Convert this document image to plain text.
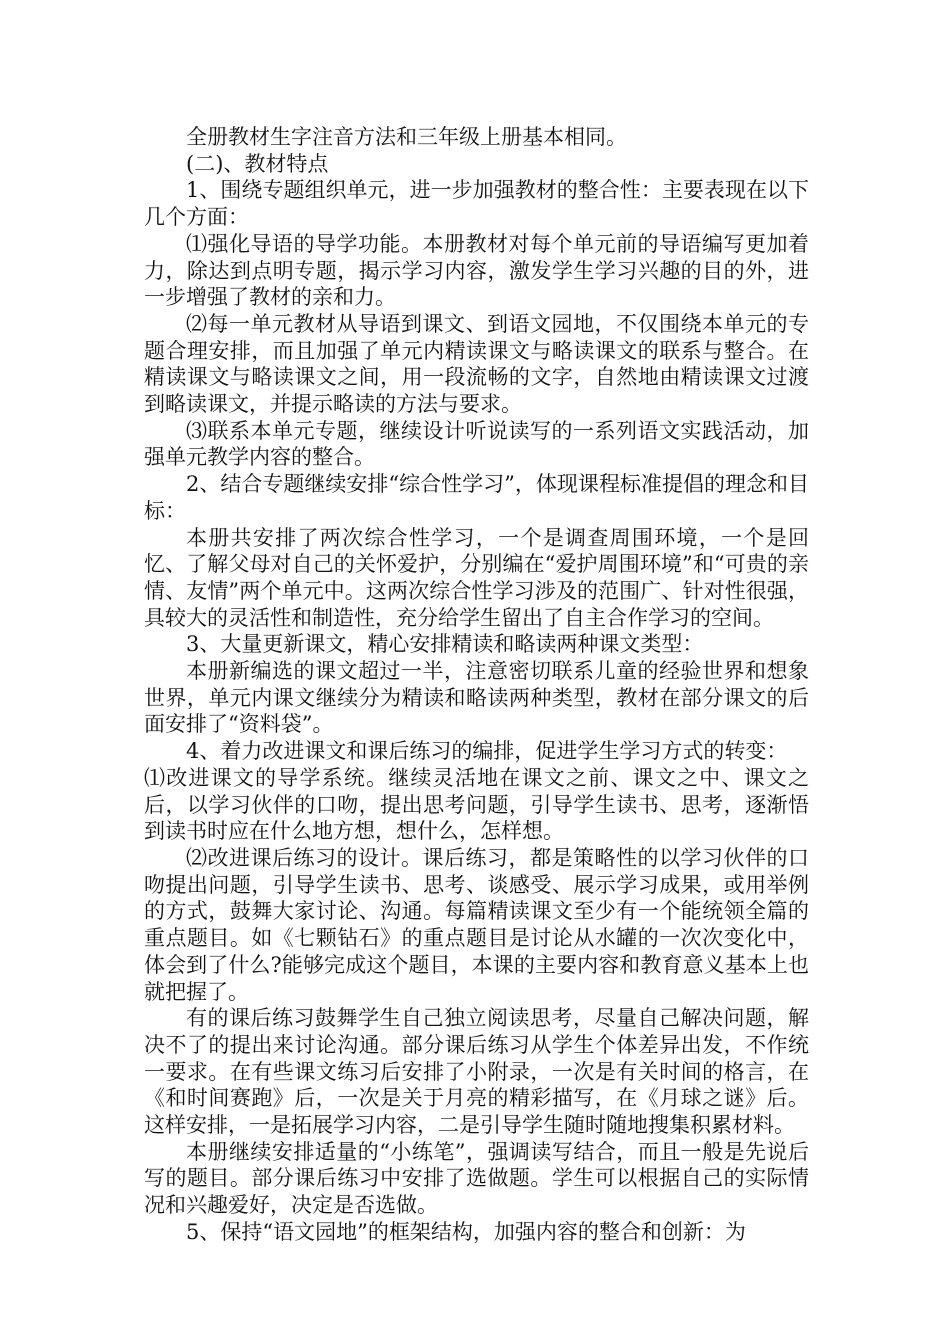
全册教材生字注音方法和三年级上册基本相同。

(二)、教材特点

1、围绕专题组织单元，进一步加强教材的整合性：主要表现在以下几个方面：

⑴强化导语的导学功能。本册教材对每个单元前的导语编写更加着力，除达到点明专题，揭示学习内容，激发学生学习兴趣的目的外，进一步增强了教材的亲和力。

⑵每一单元教材从导语到课文、到语文园地，不仅围绕本单元的专题合理安排，而且加强了单元内精读课文与略读课文的联系与整合。在精读课文与略读课文之间，用一段流畅的文字，自然地由精读课文过渡到略读课文，并提示略读的方法与要求。

⑶联系本单元专题，继续设计听说读写的一系列语文实践活动，加强单元教学内容的整合。

2、结合专题继续安排“综合性学习”，体现课程标准提倡的理念和目标：

本册共安排了两次综合性学习，一个是调查周围环境，一个是回忆、了解父母对自己的关怀爱护，分别编在“爱护周围环境”和“可贵的亲情、友情”两个单元中。这两次综合性学习涉及的范围广、针对性很强，具较大的灵活性和制造性，充分给学生留出了自主合作学习的空间。

3、大量更新课文，精心安排精读和略读两种课文类型：

本册新编选的课文超过一半，注意密切联系儿童的经验世界和想象世界，单元内课文继续分为精读和略读两种类型，教材在部分课文的后面安排了“资料袋”。

4、着力改进课文和课后练习的编排，促进学生学习方式的转变：

⑴改进课文的导学系统。继续灵活地在课文之前、课文之中、课文之后，以学习伙伴的口吻，提出思考问题，引导学生读书、思考，逐渐悟到读书时应在什么地方想，想什么，怎样想。

⑵改进课后练习的设计。课后练习，都是策略性的以学习伙伴的口吻提出问题，引导学生读书、思考、谈感受、展示学习成果，或用举例的方式，鼓舞大家讨论、沟通。每篇精读课文至少有一个能统领全篇的重点题目。如《七颗钻石》的重点题目是讨论从水罐的一次次变化中，体会到了什么?能够完成这个题目，本课的主要内容和教育意义基本上也就把握了。

有的课后练习鼓舞学生自己独立阅读思考，尽量自己解决问题，解决不了的提出来讨论沟通。部分课后练习从学生个体差异出发，不作统一要求。在有些课文练习后安排了小附录，一次是有关时间的格言，在《和时间赛跑》后，一次是关于月亮的精彩描写，在《月球之谜》后。这样安排，一是拓展学习内容，二是引导学生随时随地搜集积累材料。

本册继续安排适量的“小练笔”，强调读写结合，而且一般是先说后写的题目。部分课后练习中安排了选做题。学生可以根据自己的实际情况和兴趣爱好，决定是否选做。

5、保持“语文园地”的框架结构，加强内容的整合和创新：为
